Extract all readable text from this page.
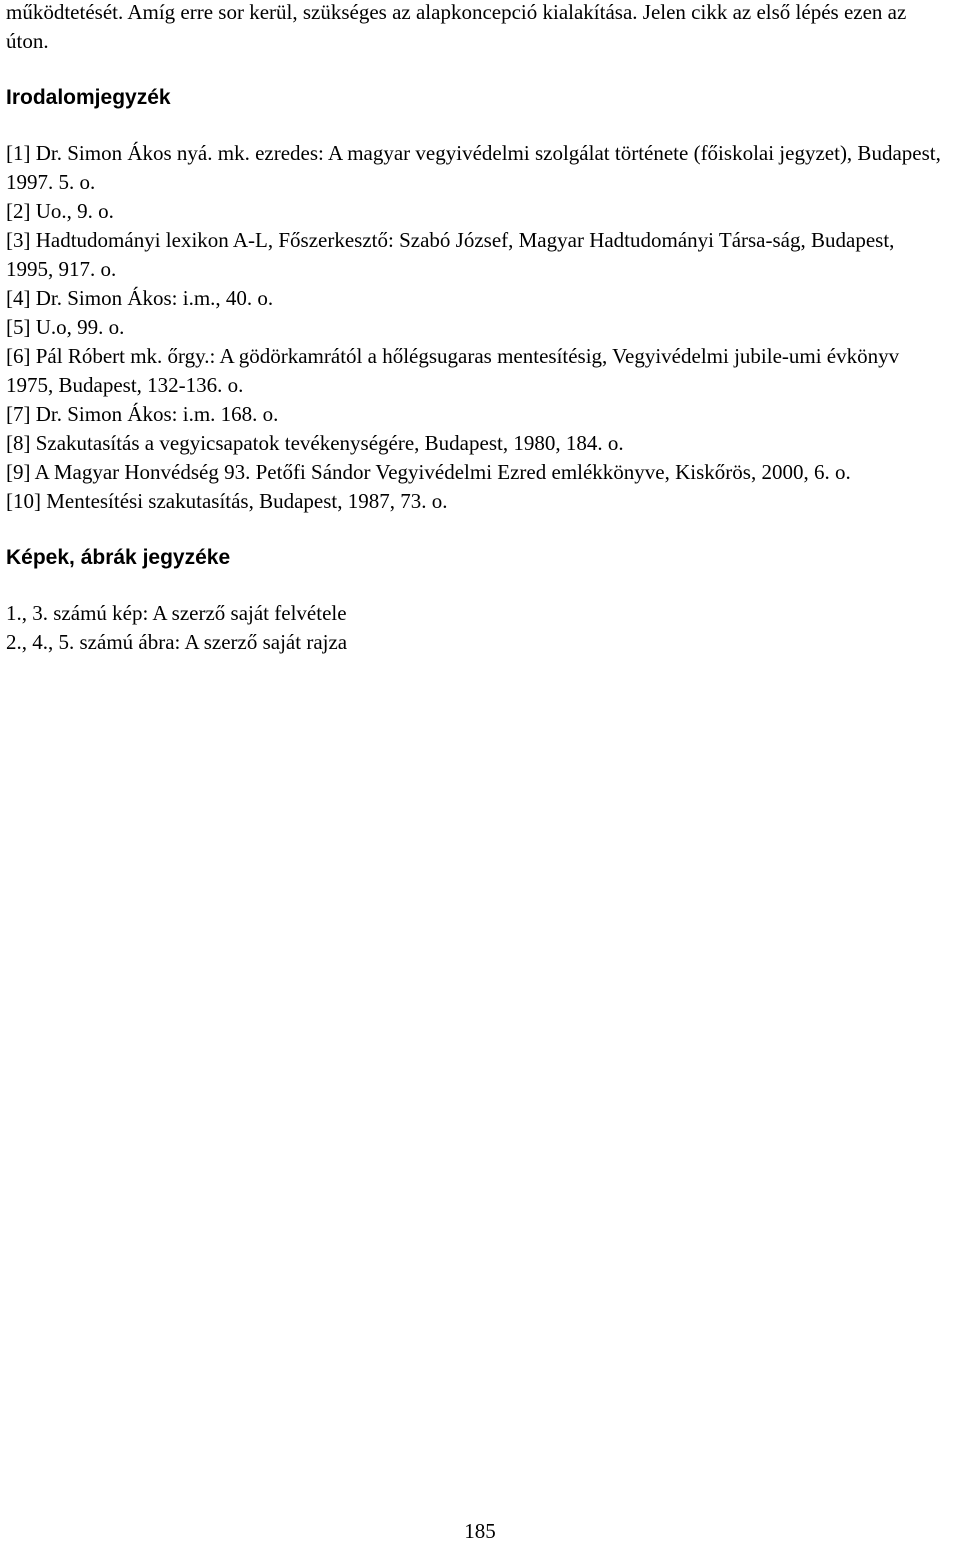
működtetését. Amíg erre sor kerül, szükséges az alapkoncepció kialakítása. Jelen cikk az első lépés ezen az úton.

Irodalomjegyzék

[1] Dr. Simon Ákos nyá. mk. ezredes: A magyar vegyivédelmi szolgálat története (főiskolai jegyzet), Budapest, 1997. 5. o.

[2] Uo., 9. o.

[3] Hadtudományi lexikon A-L, Főszerkesztő: Szabó József, Magyar Hadtudományi Társa-ság, Budapest, 1995, 917. o.

[4] Dr. Simon Ákos: i.m., 40. o.

[5] U.o, 99. o.

[6] Pál Róbert mk. őrgy.: A gödörkamrától a hőlégsugaras mentesítésig, Vegyivédelmi jubile-umi évkönyv 1975, Budapest, 132-136. o.

[7] Dr. Simon Ákos: i.m. 168. o.

[8] Szakutasítás a vegyicsapatok tevékenységére, Budapest, 1980, 184. o.

[9] A Magyar Honvédség 93. Petőfi Sándor Vegyivédelmi Ezred emlékkönyve, Kiskőrös, 2000, 6. o.

[10] Mentesítési szakutasítás, Budapest, 1987, 73. o.

Képek, ábrák jegyzéke

1., 3. számú kép: A szerző saját felvétele

2., 4., 5. számú ábra: A szerző saját rajza

185
